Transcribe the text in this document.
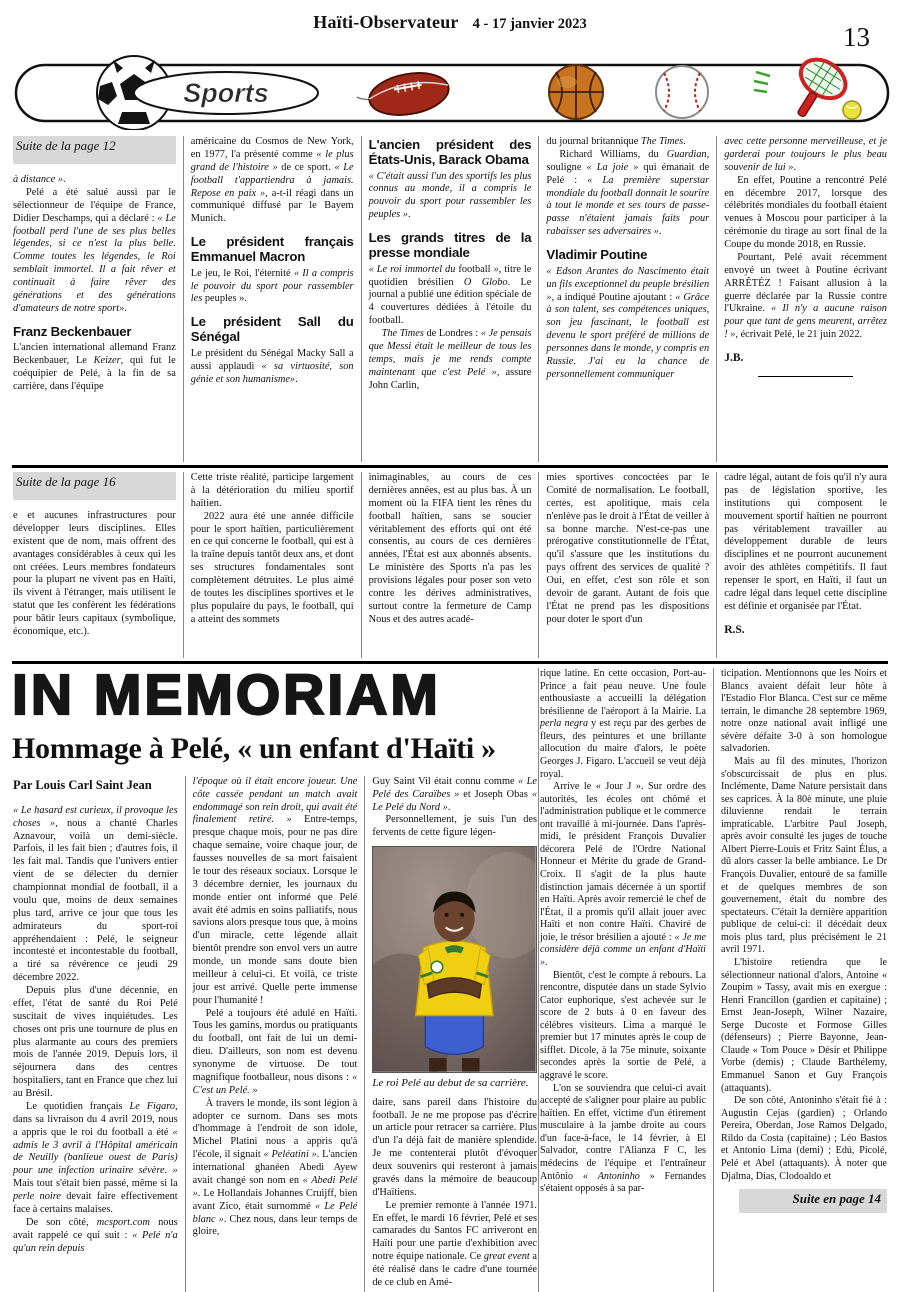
Haïti-Observateur 4 - 17 janvier 2023	13
Sports
Suite de la page 12

à distance ».

Pelé a été salué aussi par le sélectionneur de l'équipe de France, Didier Deschamps, qui a déclaré : « Le football perd l'une de ses plus belles légendes, si ce n'est la plus belle. Comme toutes les légendes, le Roi semblait immortel. Il a fait rêver et continuait à faire rêver des générations et des générations d'amateurs de notre sport».

Franz Beckenbauer

L'ancien international allemand Franz Beckenbauer, Le Keizer, qui fut le coéquipier de Pelé, à la fin de sa carrière, dans l'équipe

américaine du Cosmos de New York, en 1977, l'a présenté comme « le plus grand de l'histoire » de ce sport. « Le football t'appartiendra à jamais. Repose en paix », a-t-il réagi dans un communiqué diffusé par le Bayem Munich.

Le président français Emmanuel Macron

Le jeu, le Roi, l'éternité « Il a compris le pouvoir du sport pour rassembler les peuples ».

Le président Sall du Sénégal

Le président du Sénégal Macky Sall a aussi applaudi « sa virtuosité, son génie et son humanisme».

L'ancien président des États-Unis, Barack Obama

« C'était aussi l'un des sportifs les plus connus au monde, il a compris le pouvoir du sport pour rassembler les peuples ».

Les grands titres de la presse mondiale

« Le roi immortel du football », titre le quotidien brésilien O Globo. Le journal a publié une édition spéciale de 4 couvertures dédiées à l'étoile du football.

The Times de Londres : « Je pensais que Messi était le meilleur de tous les temps, mais je me rends compte maintenant que c'est Pelé », assure John Carlin,

du journal britannique The Times.

Richard Williams, du Guardian, souligne « La joie » qui émanait de Pelé : « La première superstar mondiale du football donnait le sourire à tout le monde et ses tours de passe-passe n'étaient jamais faits pour rabaisser ses adversaires ».

Vladimir Poutine

« Edson Arantes do Nascimento était un fils exceptionnel du peuple brésilien », a indiqué Poutine ajoutant : « Grâce à son talent, ses compétences uniques, son jeu fascinant, le football est devenu le sport préféré de millions de personnes dans le monde, y compris en Russie. J'ai eu la chance de personnellement communiquer

avec cette personne merveilleuse, et je garderai pour toujours le plus beau souvenir de lui ».

En effet, Poutine a rencontré Pelé en décembre 2017, lorsque des célébrités mondiales du football étaient venues à Moscou pour participer à la cérémonie du tirage au sort final de la Coupe du monde 2018, en Russie.

Pourtant, Pelé avait récemment envoyé un tweet à Poutine écrivant ARRÊTÉZ ! Faisant allusion à la guerre déclarée par la Russie contre l'Ukraine. « Il n'y a aucune raison pour que tant de gens meurent, arrêtez ! », écrivait Pelé, le 21 juin 2022.

J.B.
Suite de la page 16

e et aucunes infrastructures pour développer leurs disciplines. Elles existent que de nom, mais offrent des avantages considérables à ceux qui les ont créées. Leurs membres fondateurs pour la plupart ne vivent pas en Haïti, ils vivent à l'étranger, mais utilisent le statut que les confèrent les fédérations pour bâtir leurs capitaux (symbolique, économique, etc.).

Cette triste réalité, participe largement à la détérioration du milieu sportif haïtien.

2022 aura été une année difficile pour le sport haïtien, particulièrement en ce qui concerne le football, qui est à la traîne depuis tantôt deux ans, et dont ses structures fondamentales sont complètement détruites. Le plus aimé de toutes les disciplines sportives et le plus populaire du pays, le football, qui a atteint des sommets

inimaginables, au cours de ces dernières années, est au plus bas. À un moment où la FIFA tient les rênes du football haïtien, sans se soucier véritablement des efforts qui ont été consentis, au cours de ces dernières années, l'État est aux abonnés absents. Le ministère des Sports n'a pas les provisions légales pour poser son veto contre les dérives administratives, surtout contre la fermeture de Camp Nous et des autres acadé-

mies sportives concoctées par le Comité de normalisation. Le football, certes, est apolitique, mais cela n'enlève pas le droit à l'État de veiller à sa bonne marche. N'est-ce-pas une prérogative constitutionnelle de l'État, qu'il s'assure que les institutions du pays offrent des services de qualité ? Oui, en effet, c'est son rôle et son devoir de garant. Autant de fois que l'État ne prend pas les dispositions pour doter le sport d'un

cadre légal, autant de fois qu'il n'y aura pas de législation sportive, les institutions qui composent le mouvement sportif haïtien ne pourront pas véritablement travailler au développement durable de leurs disciplines et ne pourront aucunement avoir des athlètes compétitifs. Il faut repenser le sport, en Haïti, il faut un cadre légal dans lequel cette discipline est définie et organisée par l'État.

R.S.
IN MEMORIAM
Hommage à Pelé, « un enfant d'Haïti »
Par Louis Carl Saint Jean

« Le hasard est curieux, il provoque les choses », nous a chanté Charles Aznavour, voilà un demi-siècle. Parfois, il les fait bien ; d'autres fois, il les fait mal. Tandis que l'univers entier vient de se délecter du dernier championnat mondial de football, il a voulu que, moins de deux semaines plus tard, arrive ce jour que tous les admirateurs du sport-roi appréhendaient : Pelé, le seigneur incontesté et incontestable du football, a tiré sa révérence ce jeudi 29 décembre 2022.

Depuis plus d'une décennie, en effet, l'état de santé du Roi Pelé suscitait de vives inquiétudes. Les choses ont pris une tournure de plus en plus alarmante au cours des premiers mois de l'année 2019. Depuis lors, il séjournera dans des centres hospitaliers, tant en France que chez lui au Brésil.

Le quotidien français Le Figaro, dans sa livraison du 4 avril 2019, nous a appris que le roi du football a été « admis le 3 avril à l'Hôpital américain de Neuilly (banlieue ouest de Paris) pour une infection urinaire sévère. » Mais tout s'était bien passé, même si la perle noire devait faire effectivement face à certains malaises.

De son côté, mcsport.com nous avait rappelé ce qui suit : « Pelé n'a qu'un rein depuis

l'époque où il était encore joueur. Une côte cassée pendant un match avait endommagé son rein droit, qui avait été finalement retiré. » Entre-temps, presque chaque mois, pour ne pas dire chaque semaine, voire chaque jour, de fausses nouvelles de sa mort faisaient le tour des réseaux sociaux. Lorsque le 3 décembre dernier, les journaux du monde entier ont informé que Pelé avait été admis en soins palliatifs, nous savions alors presque tous que, à moins d'un miracle, cette légende allait bientôt prendre son envol vers un autre monde, un monde sans doute bien meilleur à celui-ci. Et voilà, ce triste jour est arrivé. Quelle perte immense pour l'humanité !

Pelé a toujours été adulé en Haïti. Tous les gamins, mordus ou pratiquants du football, ont fait de lui un demi-dieu. D'ailleurs, son nom est devenu synonyme de virtuose. De tout magnifique footballeur, nous disons : « C'est un Pelé. »

À travers le monde, ils sont légion à adopter ce surnom. Dans ses mots d'hommage à l'endroit de son idole, Michel Platini nous a appris qu'à l'école, il signait « Peléatini ». L'ancien international ghanéen Abedi Ayew avait changé son nom en « Abedi Pelé ». Le Hollandais Johannes Cruijff, bien avant Zico, était surnommé « Le Pelé blanc ». Chez nous, dans leur temps de gloire,

Guy Saint Vil était connu comme « Le Pelé des Caraïbes » et Joseph Obas « Le Pelé du Nord ».

Personnellement, je suis l'un des fervents de cette figure légen-

Le roi Pelé au debut de sa carrière.

daire, sans pareil dans l'histoire du football. Je ne me propose pas d'écrire un article pour retracer sa carrière. Plus d'un l'a déjà fait de manière splendide. Je me contenterai plutôt d'évoquer deux souvenirs qui resteront à jamais gravés dans la mémoire de beaucoup d'Haïtiens.

Le premier remonte à l'année 1971. En effet, le mardi 16 février, Pelé et ses camarades du Santos FC arriveront en Haïti pour une partie d'exhibition avec notre équipe nationale. Ce great event a été réalisé dans le cadre d'une tournée de ce club en Amé-

rique latine. En cette occasion, Port-au-Prince a fait peau neuve. Une foule enthousiaste a accueilli la délégation brésilienne de l'aéroport à la Mairie. La perla negra y est reçu par des gerbes de fleurs, des peintures et une brillante allocution du maire d'alors, le poète Georges J. Figaro. L'accueil se veut déjà royal.

Arrive le « Jour J ». Sur ordre des autorités, les écoles ont chômé et l'administration publique et le commerce ont travaillé à mi-journée. Dans l'après-midi, le président François Duvalier décorera Pelé de l'Ordre National Honneur et Mérite du grade de Grand-Croix. Il s'agit de la plus haute distinction jamais décernée à un sportif en Haïti. Après avoir remercié le chef de l'État, il a promis qu'il allait jouer avec Haïti et non contre Haïti. Chaviré de joie, le trésor brésilien a ajouté : « Je me considère déjà comme un enfant d'Haïti ».

Bientôt, c'est le compte à rebours. La rencontre, disputée dans un stade Sylvio Cator euphorique, s'est achevée sur le score de 2 buts à 0 en faveur des célèbres visiteurs. Lima a marqué le premier but 17 minutes après le coup de sifflet. Dicole, à la 75e minute, soixante secondes après la sortie de Pelé, a aggravé le score.

L'on se souviendra que celui-ci avait accepté de s'aligner pour plaire au public haïtien. En effet, victime d'un étirement musculaire à la jambe droite au cours d'un face-à-face, le 14 février, à El Salvador, contre l'Alianza F C, les médecins de l'équipe et l'entraîneur Antônio « Antoninho » Fernandes s'étaient opposés à sa par-

ticipation. Mentionnons que les Noirs et Blancs avaient défait leur hôte à l'Estadio Flor Blanca. C'est sur ce même terrain, le dimanche 28 septembre 1969, notre onze national avait infligé une sévère défaite 3-0 à son homologue salvadorien.

Mais au fil des minutes, l'horizon s'obscurcissait de plus en plus. Inclémente, Dame Nature persistait dans ses caprices. À la 80è minute, une pluie diluvienne rendait le terrain impraticable. L'arbitre Paul Joseph, après avoir consulté les juges de touche Albert Pierre-Louis et Fritz Saint Élus, a dû alors casser la belle ambiance. Le Dr François Duvalier, entouré de sa famille et de quelques membres de son gouvernement, était du nombre des spectateurs. C'était la dernière apparition publique de celui-ci: il décédait deux mois plus tard, plus précisément le 21 avril 1971.

L'histoire retiendra que le sélectionneur national d'alors, Antoine « Zoupim » Tassy, avait mis en exergue : Henri Francillon (gardien et capitaine) ; Ernst Jean-Joseph, Wilner Nazaire, Serge Ducoste et Formose Gilles (défenseurs) ; Pierre Bayonne, Jean-Claude « Tom Pouce » Désir et Philippe Vorbe (demis) ; Claude Barthélemy, Emmanuel Sanon et Guy François (attaquants).

De son côté, Antoninho s'était fié à : Augustin Cejas (gardien) ; Orlando Pereira, Oberdan, Jose Ramos Delgado, Rildo da Costa (capitaine) ; Léo Bastos et Antonio Lima (demi) ; Edú, Picolé, Pelé et Abel (attaquants). À noter que Djalma, Dias, Clodoaldo et

Suite en page 14
